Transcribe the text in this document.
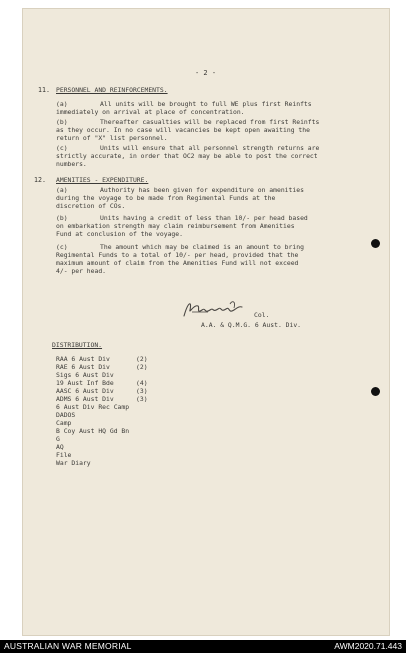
- 2 -
11. PERSONNEL AND REINFORCEMENTS.
(a)	All units will be brought to full WE plus first Reinfts
immediately on arrival at place of concentration.
(b)	Thereafter casualties will be replaced from first Reinfts
as they occur. In no case will vacancies be kept open awaiting the
return of "X" list personnel.
(c)	Units will ensure that all personnel strength returns are
strictly accurate, in order that OC2 may be able to post the correct
numbers.
12. AMENITIES - EXPENDITURE.
(a)	Authority has been given for expenditure on amenities
during the voyage to be made from Regimental Funds at the
discretion of COs.
(b)	Units having a credit of less than 10/- per head based
on embarkation strength may claim reimbursement from Amenities
Fund at conclusion of the voyage.
(c)	The amount which may be claimed is an amount to bring
Regimental Funds to a total of 10/- per head, provided that the
maximum amount of claim from the Amenities Fund will not exceed
4/- per head.
Col.
A.A. & Q.M.G. 6 Aust. Div.
DISTRIBUTION.
RAA 6 Aust Div	(2)
RAE 6 Aust Div	(2)
Sigs 6 Aust Div
19 Aust Inf Bde	(4)
AASC 6 Aust Div	(3)
ADMS 6 Aust Div	(3)
6 Aust Div Rec Camp
DADOS
Camp
B Coy Aust HQ Gd Bn
G
AQ
File
War Diary
AUSTRALIAN WAR MEMORIAL	AWM2020.71.443
